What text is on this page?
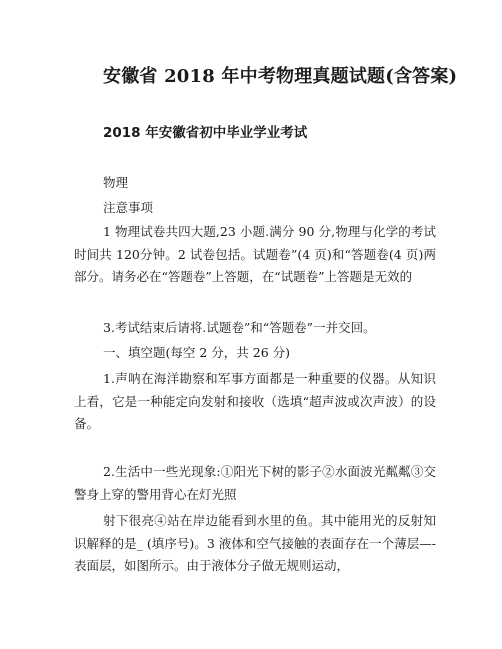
安徽省 2018 年中考物理真题试题(含答案)
2018 年安徽省初中毕业学业考试
物理
注意事项
1 物理试卷共四大题,23 小题.满分 90 分,物理与化学的考试时间共 120分钟。2 试卷包括。试题卷”(4 页)和“答题卷(4 页)两部分。请务必在“答题卷”上答题，在“试题卷”上答题是无效的
3.考试结束后请将.试题卷”和“答题卷”一并交回。
一、填空题(每空 2 分，共 26 分)
1.声呐在海洋勘察和军事方面都是一种重要的仪器。从知识上看，它是一种能定向发射和接收（选填“超声波或次声波）的设备。
2.生活中一些光现象:①阳光下树的影子②水面波光粼粼③交警身上穿的警用背心在灯光照
射下很亮④站在岸边能看到水里的鱼。其中能用光的反射知识解释的是_ (填序号)。3 液体和空气接触的表面存在一个薄层—-表面层，如图所示。由于液体分子做无规则运动，
